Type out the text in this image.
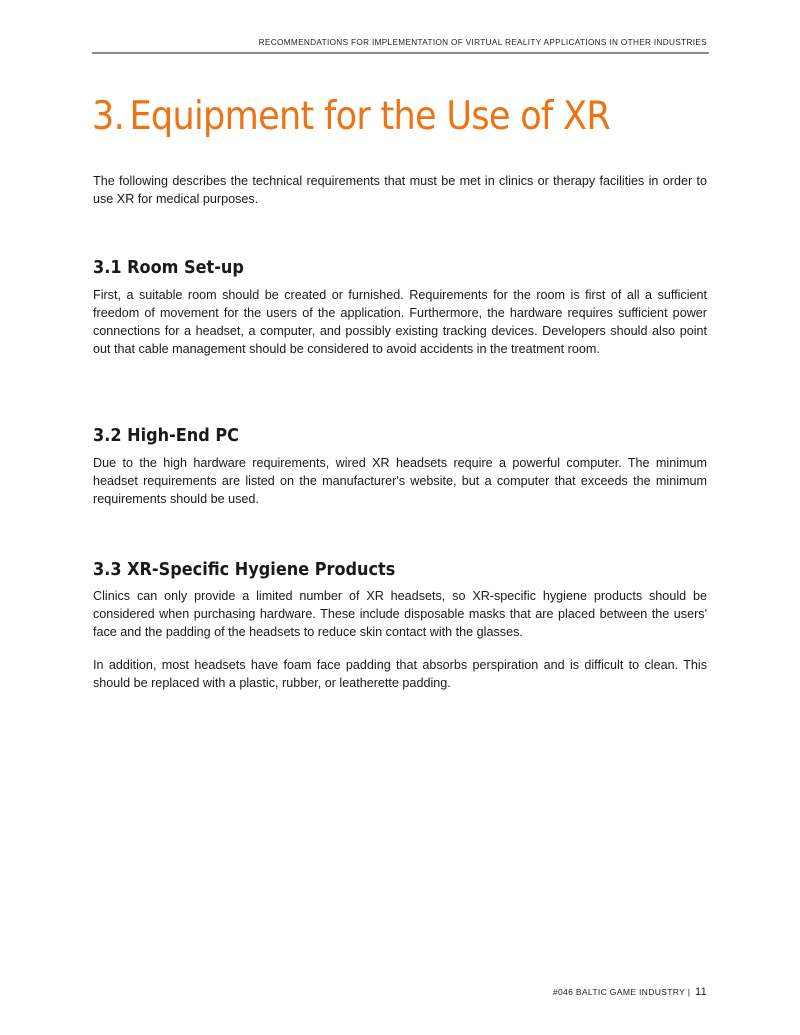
RECOMMENDATIONS FOR IMPLEMENTATION OF VIRTUAL REALITY APPLICATIONS IN OTHER INDUSTRIES
3. Equipment for the Use of XR

The following describes the technical requirements that must be met in clinics or therapy facilities in order to use XR for medical purposes.

3.1 Room Set-up

First, a suitable room should be created or furnished. Requirements for the room is first of all a sufficient freedom of movement for the users of the application. Furthermore, the hardware requires sufficient power connections for a headset, a computer, and possibly existing tracking devices. Developers should also point out that cable management should be considered to avoid accidents in the treatment room.

3.2 High-End PC

Due to the high hardware requirements, wired XR headsets require a powerful computer. The minimum headset requirements are listed on the manufacturer's website, but a computer that exceeds the minimum requirements should be used.

3.3 XR-Specific Hygiene Products

Clinics can only provide a limited number of XR headsets, so XR-specific hygiene products should be considered when purchasing hardware. These include disposable masks that are placed between the users' face and the padding of the headsets to reduce skin contact with the glasses.

In addition, most headsets have foam face padding that absorbs perspiration and is difficult to clean. This should be replaced with a plastic, rubber, or leatherette padding.

#046 BALTIC GAME INDUSTRY | 11
